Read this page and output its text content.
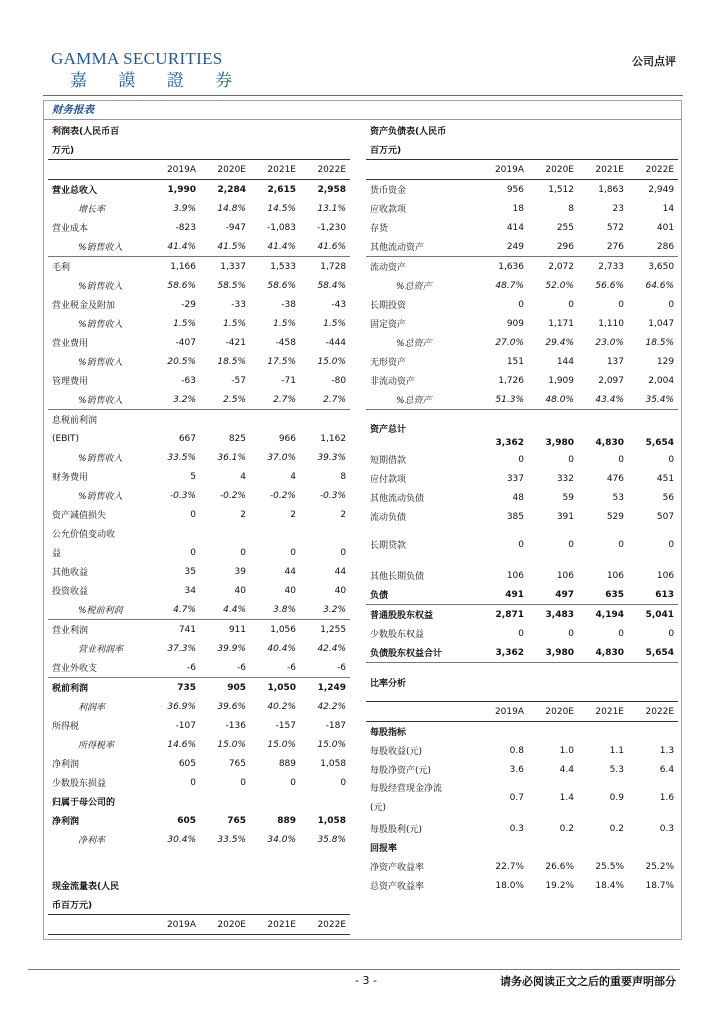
GAMMA SECURITIES
嘉 謨 證 券
公司点评
财务报表
利润表(人民币百				
万元)				
	2019A	2020E	2021E	2022E
营业总收入	1,990	2,284	2,615	2,958
增长率	3.9%	14.8%	14.5%	13.1%
营业成本	-823	-947	-1,083	-1,230
%销售收入	41.4%	41.5%	41.4%	41.6%
毛利	1,166	1,337	1,533	1,728
%销售收入	58.6%	58.5%	58.6%	58.4%
营业税金及附加	-29	-33	-38	-43
%销售收入	1.5%	1.5%	1.5%	1.5%
营业费用	-407	-421	-458	-444
%销售收入	20.5%	18.5%	17.5%	15.0%
管理费用	-63	-57	-71	-80
%销售收入	3.2%	2.5%	2.7%	2.7%
息税前利润				
(EBIT)	667	825	966	1,162
%销售收入	33.5%	36.1%	37.0%	39.3%
财务费用	5	4	4	8
%销售收入	-0.3%	-0.2%	-0.2%	-0.3%
资产减值损失	0	2	2	2
公允价值变动收				
益	0	0	0	0
其他收益	35	39	44	44
投资收益	34	40	40	40
%税前利润	4.7%	4.4%	3.8%	3.2%
营业利润	741	911	1,056	1,255
营业利润率	37.3%	39.9%	40.4%	42.4%
营业外收支	-6	-6	-6	-6
税前利润	735	905	1,050	1,249
利润率	36.9%	39.6%	40.2%	42.2%
所得税	-107	-136	-157	-187
所得税率	14.6%	15.0%	15.0%	15.0%
净利润	605	765	889	1,058
少数股东损益	0	0	0	0
归属于母公司的				
净利润	605	765	889	1,058
净利率	30.4%	33.5%	34.0%	35.8%
现金流量表(人民
币百万元)
	2019A	2020E	2021E	2022E
资产负债表(人民币				
百万元)				
	2019A	2020E	2021E	2022E
货币资金	956	1,512	1,863	2,949
应收款项	18	8	23	14
存货	414	255	572	401
其他流动资产	249	296	276	286
流动资产	1,636	2,072	2,733	3,650
%总资产	48.7%	52.0%	56.6%	64.6%
长期投资	0	0	0	0
固定资产	909	1,171	1,110	1,047
%总资产	27.0%	29.4%	23.0%	18.5%
无形资产	151	144	137	129
非流动资产	1,726	1,909	2,097	2,004
%总资产	51.3%	48.0%	43.4%	35.4%
资产总计	3,362	3,980	4,830	5,654
短期借款	0	0	0	0
应付款项	337	332	476	451
其他流动负债	48	59	53	56
流动负债	385	391	529	507
长期贷款	0	0	0	0
其他长期负债	106	106	106	106
负债	491	497	635	613
普通股股东权益	2,871	3,483	4,194	5,041
少数股东权益	0	0	0	0
负债股东权益合计	3,362	3,980	4,830	5,654
比率分析				
	2019A	2020E	2021E	2022E
每股指标				
每股收益(元)	0.8	1.0	1.1	1.3
每股净资产(元)	3.6	4.4	5.3	6.4

每股经营现金净流
(元)	0.7	1.4	0.9	1.6
每股股利(元)	0.3	0.2	0.2	0.3
回报率				
净资产收益率	22.7%	26.6%	25.5%	25.2%
总资产收益率	18.0%	19.2%	18.4%	18.7%
- 3 -	请务必阅读正文之后的重要声明部分
